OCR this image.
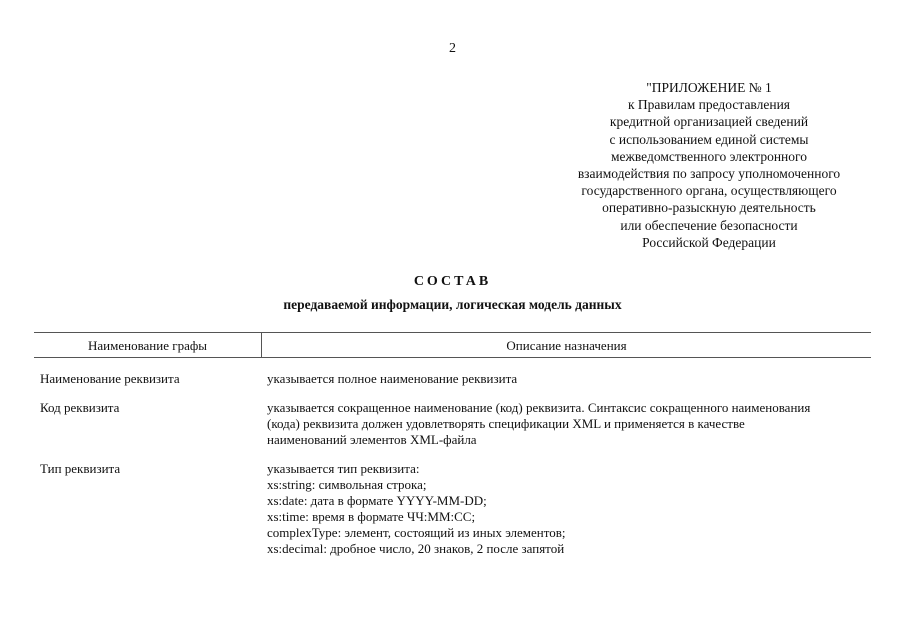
2
"ПРИЛОЖЕНИЕ № 1
к Правилам предоставления
кредитной организацией сведений
с использованием единой системы
межведомственного электронного
взаимодействия по запросу уполномоченного
государственного органа, осуществляющего
оперативно-разыскную деятельность
или обеспечение безопасности
Российской Федерации
СОСТАВ
передаваемой информации, логическая модель данных
Наименование графы	Описание назначения
Наименование реквизита	указывается полное наименование реквизита
Код реквизита	указывается сокращенное наименование (код) реквизита. Синтаксис сокращенного наименования
(кода) реквизита должен удовлетворять спецификации XML и применяется в качестве
наименований элементов XML-файла
Тип реквизита	указывается тип реквизита:
xs:string: символьная строка;
xs:date: дата в формате YYYY-MM-DD;
xs:time: время в формате ЧЧ:ММ:СС;
complexType: элемент, состоящий из иных элементов;
xs:decimal: дробное число, 20 знаков, 2 после запятой
